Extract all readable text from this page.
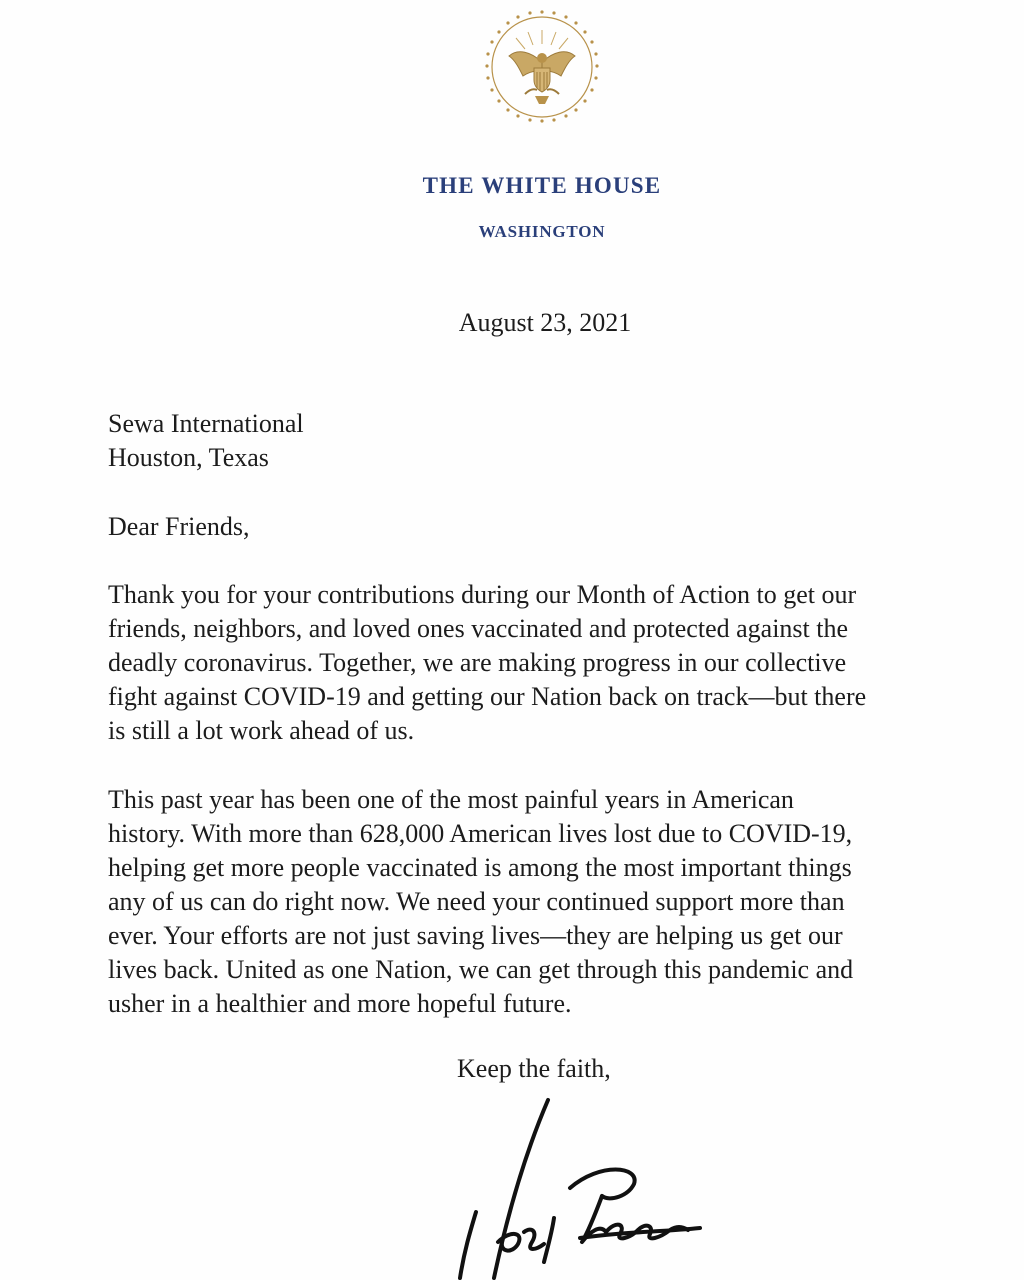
THE WHITE HOUSE
WASHINGTON
August 23, 2021
Sewa International
Houston, Texas
Dear Friends,
Thank you for your contributions during our Month of Action to get our
friends, neighbors, and loved ones vaccinated and protected against the
deadly coronavirus. Together, we are making progress in our collective
fight against COVID-19 and getting our Nation back on track—but there
is still a lot work ahead of us.
This past year has been one of the most painful years in American
history. With more than 628,000 American lives lost due to COVID-19,
helping get more people vaccinated is among the most important things
any of us can do right now. We need your continued support more than
ever. Your efforts are not just saving lives—they are helping us get our
lives back. United as one Nation, we can get through this pandemic and
usher in a healthier and more hopeful future.
Keep the faith,
